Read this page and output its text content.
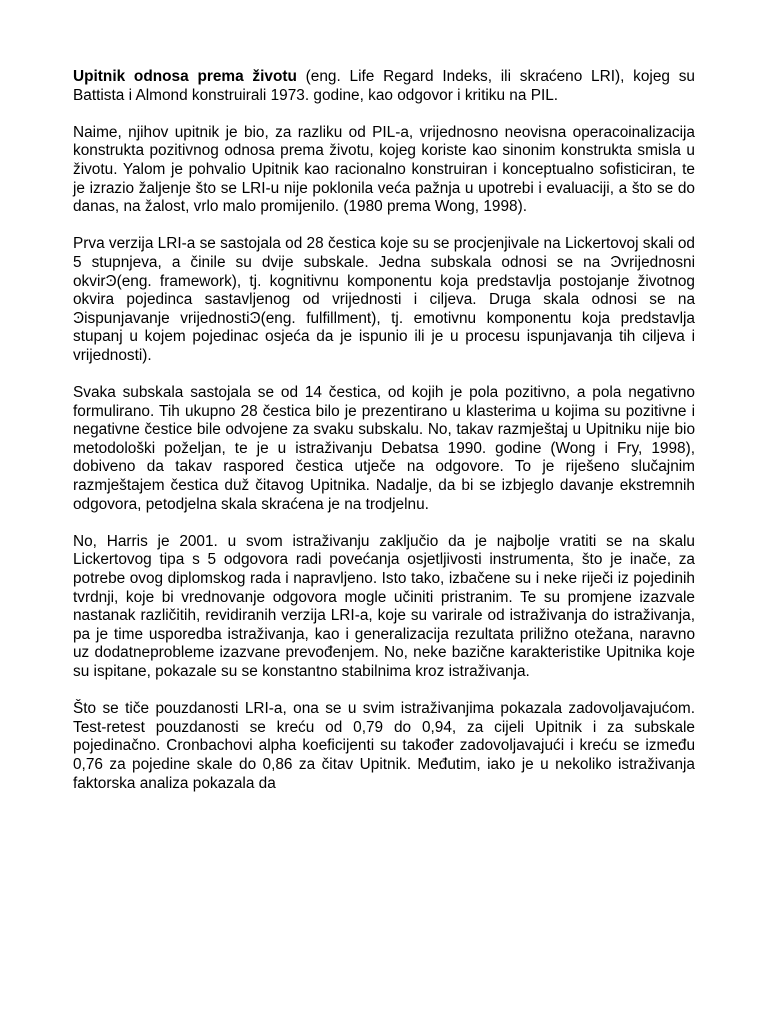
Upitnik odnosa prema životu (eng. Life Regard Indeks, ili skraćeno LRI), kojeg su Battista i Almond konstruirali 1973. godine, kao odgovor i kritiku na PIL.

Naime, njihov upitnik je bio, za razliku od PIL-a, vrijednosno neovisna operacoinalizacija konstrukta pozitivnog odnosa prema životu, kojeg koriste kao sinonim konstrukta smisla u životu. Yalom je pohvalio Upitnik kao racionalno konstruiran i konceptualno sofisticiran, te je izrazio žaljenje što se LRI-u nije poklonila veća pažnja u upotrebi i evaluaciji, a što se do danas, na žalost, vrlo malo promijenilo. (1980 prema Wong, 1998).

Prva verzija LRI-a se sastojala od 28 čestica koje su se procjenjivale na Lickertovoj skali od 5 stupnjeva, a činile su dvije subskale. Jedna subskala odnosi se na Ͽvrijednosni okvirϿ(eng. framework), tj. kognitivnu komponentu koja predstavlja postojanje životnog okvira pojedinca sastavljenog od vrijednosti i ciljeva. Druga skala odnosi se na Ͽispunjavanje vrijednostiϿ(eng. fulfillment), tj. emotivnu komponentu koja predstavlja stupanj u kojem pojedinac osjeća da je ispunio ili je u procesu ispunjavanja tih ciljeva i vrijednosti).

Svaka subskala sastojala se od 14 čestica, od kojih je pola pozitivno, a pola negativno formulirano. Tih ukupno 28 čestica bilo je prezentirano u klasterima u kojima su pozitivne i negativne čestice bile odvojene za svaku subskalu. No, takav razmještaj u Upitniku nije bio metodološki poželjan, te je u istraživanju Debatsa 1990. godine (Wong i Fry, 1998), dobiveno da takav raspored čestica utječe na odgovore. To je riješeno slučajnim razmještajem čestica duž čitavog Upitnika. Nadalje, da bi se izbjeglo davanje ekstremnih odgovora, petodjelna skala skraćena je na trodjelnu.

No, Harris je 2001. u svom istraživanju zaključio da je najbolje vratiti se na skalu Lickertovog tipa s 5 odgovora radi povećanja osjetljivosti instrumenta, što je inače, za potrebe ovog diplomskog rada i napravljeno. Isto tako, izbačene su i neke riječi iz pojedinih tvrdnji, koje bi vrednovanje odgovora mogle učiniti pristranim. Te su promjene izazvale nastanak različitih, revidiranih verzija LRI-a, koje su varirale od istraživanja do istraživanja, pa je time usporedba istraživanja, kao i generalizacija rezultata priližno otežana, naravno uz dodatneprobleme izazvane prevođenjem. No, neke bazične karakteristike Upitnika koje su ispitane, pokazale su se konstantno stabilnima kroz istraživanja.

Što se tiče pouzdanosti LRI-a, ona se u svim istraživanjima pokazala zadovoljavajućom. Test-retest pouzdanosti se kreću od 0,79 do 0,94, za cijeli Upitnik i za subskale pojedinačno. Cronbachovi alpha koeficijenti su također zadovoljavajući i kreću se između 0,76 za pojedine skale do 0,86 za čitav Upitnik. Međutim, iako je u nekoliko istraživanja faktorska analiza pokazala da
